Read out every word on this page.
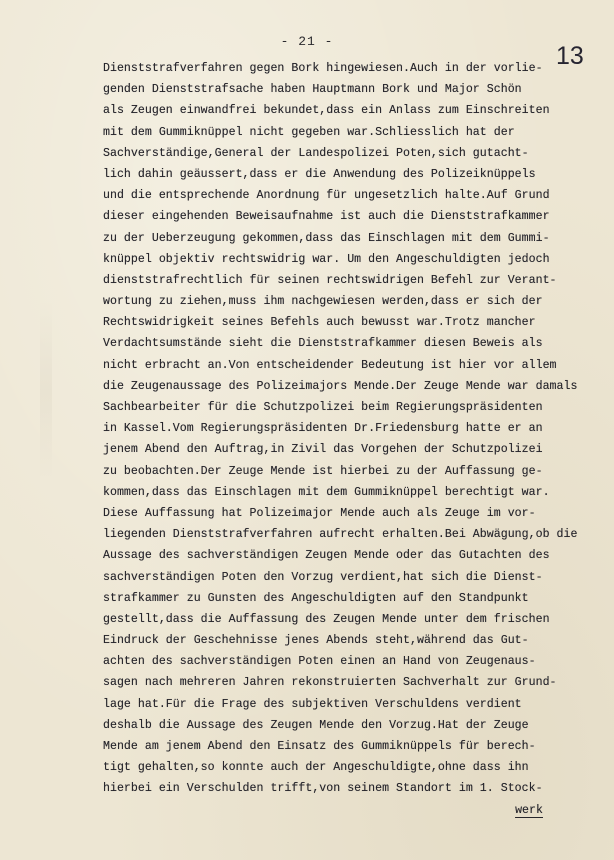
- 21 -
13
Dienststrafverfahren gegen Bork hingewiesen.Auch in der vorlie-
genden Dienststrafsache haben Hauptmann Bork und Major Schön
als Zeugen einwandfrei bekundet,dass ein Anlass zum Einschreiten
mit dem Gummiknüppel nicht gegeben war.Schliesslich hat der
Sachverständige,General der Landespolizei Poten,sich gutacht-
lich dahin geäussert,dass er die Anwendung des Polizeiknüppels
und die entsprechende Anordnung für ungesetzlich halte.Auf Grund
dieser eingehenden Beweisaufnahme ist auch die Dienststrafkammer
zu der Ueberzeugung gekommen,dass das Einschlagen mit dem Gummi-
knüppel objektiv rechtswidrig war. Um den Angeschuldigten jedoch
dienststrafrechtlich für seinen rechtswidrigen Befehl zur Verant-
wortung zu ziehen,muss ihm nachgewiesen werden,dass er sich der
Rechtswidrigkeit seines Befehls auch bewusst war.Trotz mancher
Verdachtsumstände sieht die Dienststrafkammer diesen Beweis als
nicht erbracht an.Von entscheidender Bedeutung ist hier vor allem
die Zeugenaussage des Polizeimajors Mende.Der Zeuge Mende war damals
Sachbearbeiter für die Schutzpolizei beim Regierungspräsidenten
in Kassel.Vom Regierungspräsidenten Dr.Friedensburg hatte er an
jenem Abend den Auftrag,in Zivil das Vorgehen der Schutzpolizei
zu beobachten.Der Zeuge Mende ist hierbei zu der Auffassung ge-
kommen,dass das Einschlagen mit dem Gummiknüppel berechtigt war.
Diese Auffassung hat Polizeimajor Mende auch als Zeuge im vor-
liegenden Dienststrafverfahren aufrecht erhalten.Bei Abwägung,ob die
Aussage des sachverständigen Zeugen Mende oder das Gutachten des
sachverständigen Poten den Vorzug verdient,hat sich die Dienst-
strafkammer zu Gunsten des Angeschuldigten auf den Standpunkt
gestellt,dass die Auffassung des Zeugen Mende unter dem frischen
Eindruck der Geschehnisse jenes Abends steht,während das Gut-
achten des sachverständigen Poten einen an Hand von Zeugenaus-
sagen nach mehreren Jahren rekonstruierten Sachverhalt zur Grund-
lage hat.Für die Frage des subjektiven Verschuldens verdient
deshalb die Aussage des Zeugen Mende den Vorzug.Hat der Zeuge
Mende am jenem Abend den Einsatz des Gummiknüppels für berech-
tigt gehalten,so konnte auch der Angeschuldigte,ohne dass ihn
hierbei ein Verschulden trifft,von seinem Standort im 1. Stock-
werk
